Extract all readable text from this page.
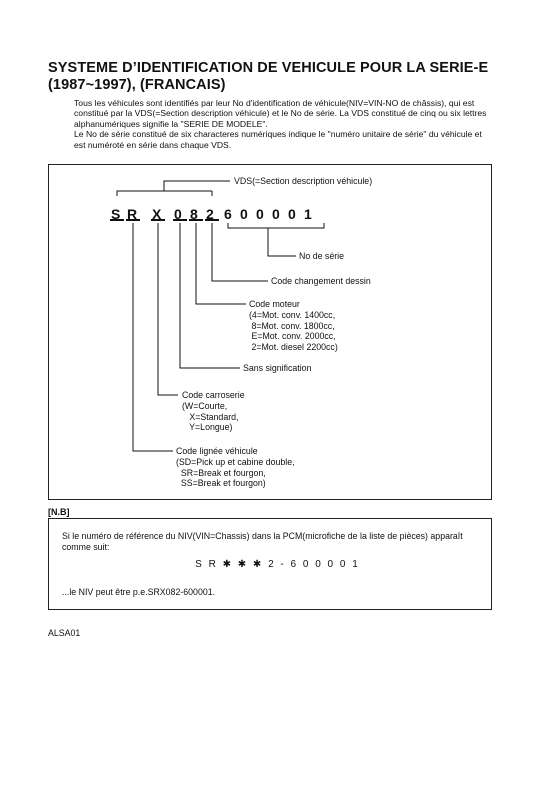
SYSTEME D’IDENTIFICATION DE VEHICULE POUR LA SERIE-E (1987~1997), (FRANCAIS)
Tous les véhicules sont identifiés par leur No d'identification de véhicule(NIV=VIN-NO de châssis), qui est constitué par la VDS(=Section description véhicule) et le No de série. La VDS constitué de cinq ou six lettres alphanumériques signifie la "SERIE DE MODELE".
Le No de série constitué de six characteres numériques indique le "numéro unitaire de série" du véhicule et est numéroté en série dans chaque VDS.
S R X 0 8 2 6 0 0 0 0 1
VDS(=Section description véhicule)
No de série
Code changement dessin
Code moteur
(4=Mot. conv. 1400cc,
8=Mot. conv. 1800cc,
E=Mot. conv. 2000cc,
2=Mot. diesel 2200cc)
Sans signification
Code carroserie
(W=Courte,
X=Standard,
Y=Longue)
Code lignée véhicule
(SD=Pick up et cabine double,
SR=Break et fourgon,
SS=Break et fourgon)
[N.B]
Si le numéro de référence du NIV(VIN=Chassis) dans la PCM(microfiche de la liste de pièces) apparaît comme suit:
S R ✱ ✱ ✱ 2 - 6 0 0 0 0 1
...le NIV peut être p.e.SRX082-600001.
ALSA01
